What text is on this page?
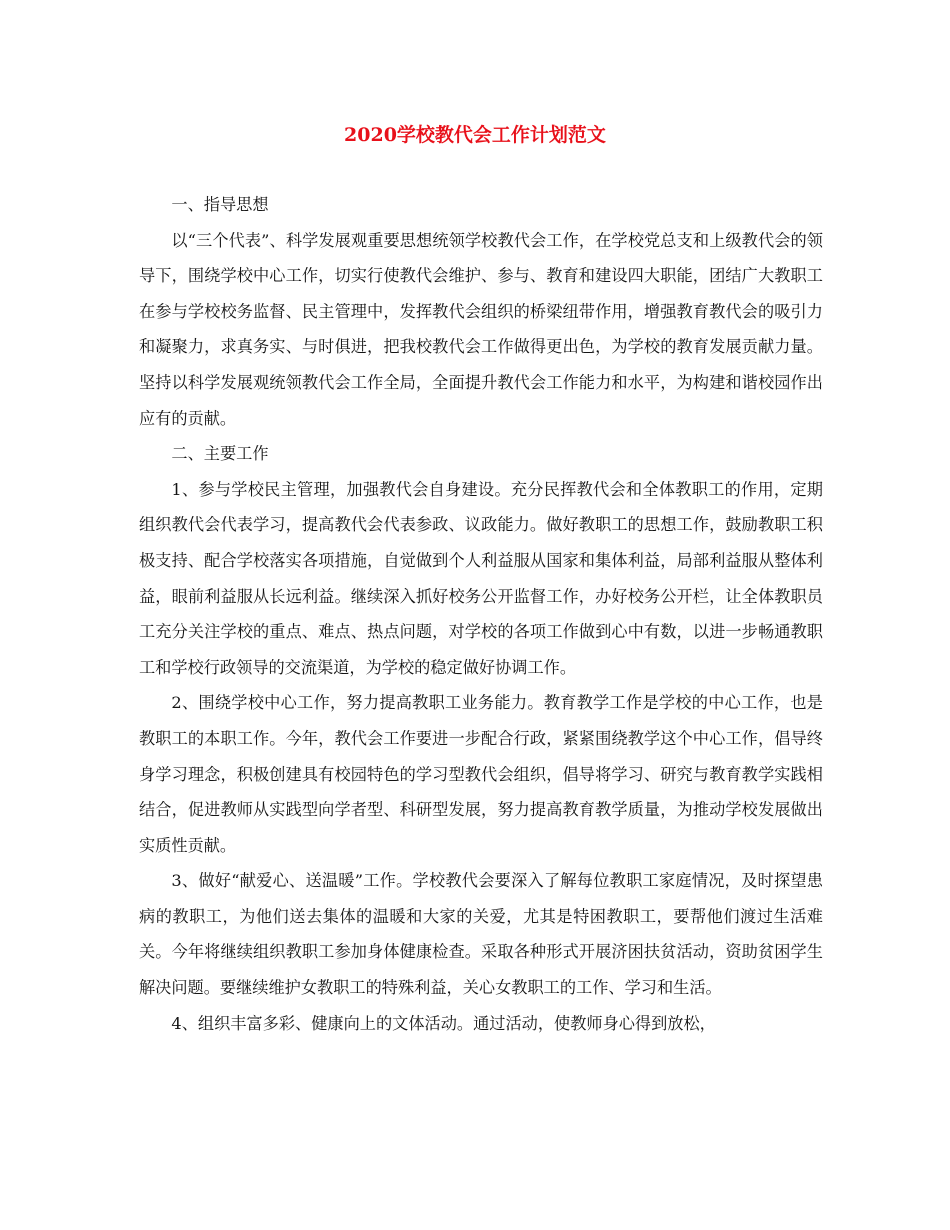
2020学校教代会工作计划范文

一、指导思想

以“三个代表”、科学发展观重要思想统领学校教代会工作，在学校党总支和上级教代会的领导下，围绕学校中心工作，切实行使教代会维护、参与、教育和建设四大职能，团结广大教职工在参与学校校务监督、民主管理中，发挥教代会组织的桥梁纽带作用，增强教育教代会的吸引力和凝聚力，求真务实、与时俱进，把我校教代会工作做得更出色，为学校的教育发展贡献力量。坚持以科学发展观统领教代会工作全局，全面提升教代会工作能力和水平，为构建和谐校园作出应有的贡献。

二、主要工作

1、参与学校民主管理，加强教代会自身建设。充分民挥教代会和全体教职工的作用，定期组织教代会代表学习，提高教代会代表参政、议政能力。做好教职工的思想工作，鼓励教职工积极支持、配合学校落实各项措施，自觉做到个人利益服从国家和集体利益，局部利益服从整体利益，眼前利益服从长远利益。继续深入抓好校务公开监督工作，办好校务公开栏，让全体教职员工充分关注学校的重点、难点、热点问题，对学校的各项工作做到心中有数，以进一步畅通教职工和学校行政领导的交流渠道，为学校的稳定做好协调工作。

2、围绕学校中心工作，努力提高教职工业务能力。教育教学工作是学校的中心工作，也是教职工的本职工作。今年，教代会工作要进一步配合行政，紧紧围绕教学这个中心工作，倡导终身学习理念，积极创建具有校园特色的学习型教代会组织，倡导将学习、研究与教育教学实践相结合，促进教师从实践型向学者型、科研型发展，努力提高教育教学质量，为推动学校发展做出实质性贡献。

3、做好“献爱心、送温暖”工作。学校教代会要深入了解每位教职工家庭情况，及时探望患病的教职工，为他们送去集体的温暖和大家的关爱，尤其是特困教职工，要帮他们渡过生活难关。今年将继续组织教职工参加身体健康检查。采取各种形式开展济困扶贫活动，资助贫困学生解决问题。要继续维护女教职工的特殊利益，关心女教职工的工作、学习和生活。

4、组织丰富多彩、健康向上的文体活动。通过活动，使教师身心得到放松，
